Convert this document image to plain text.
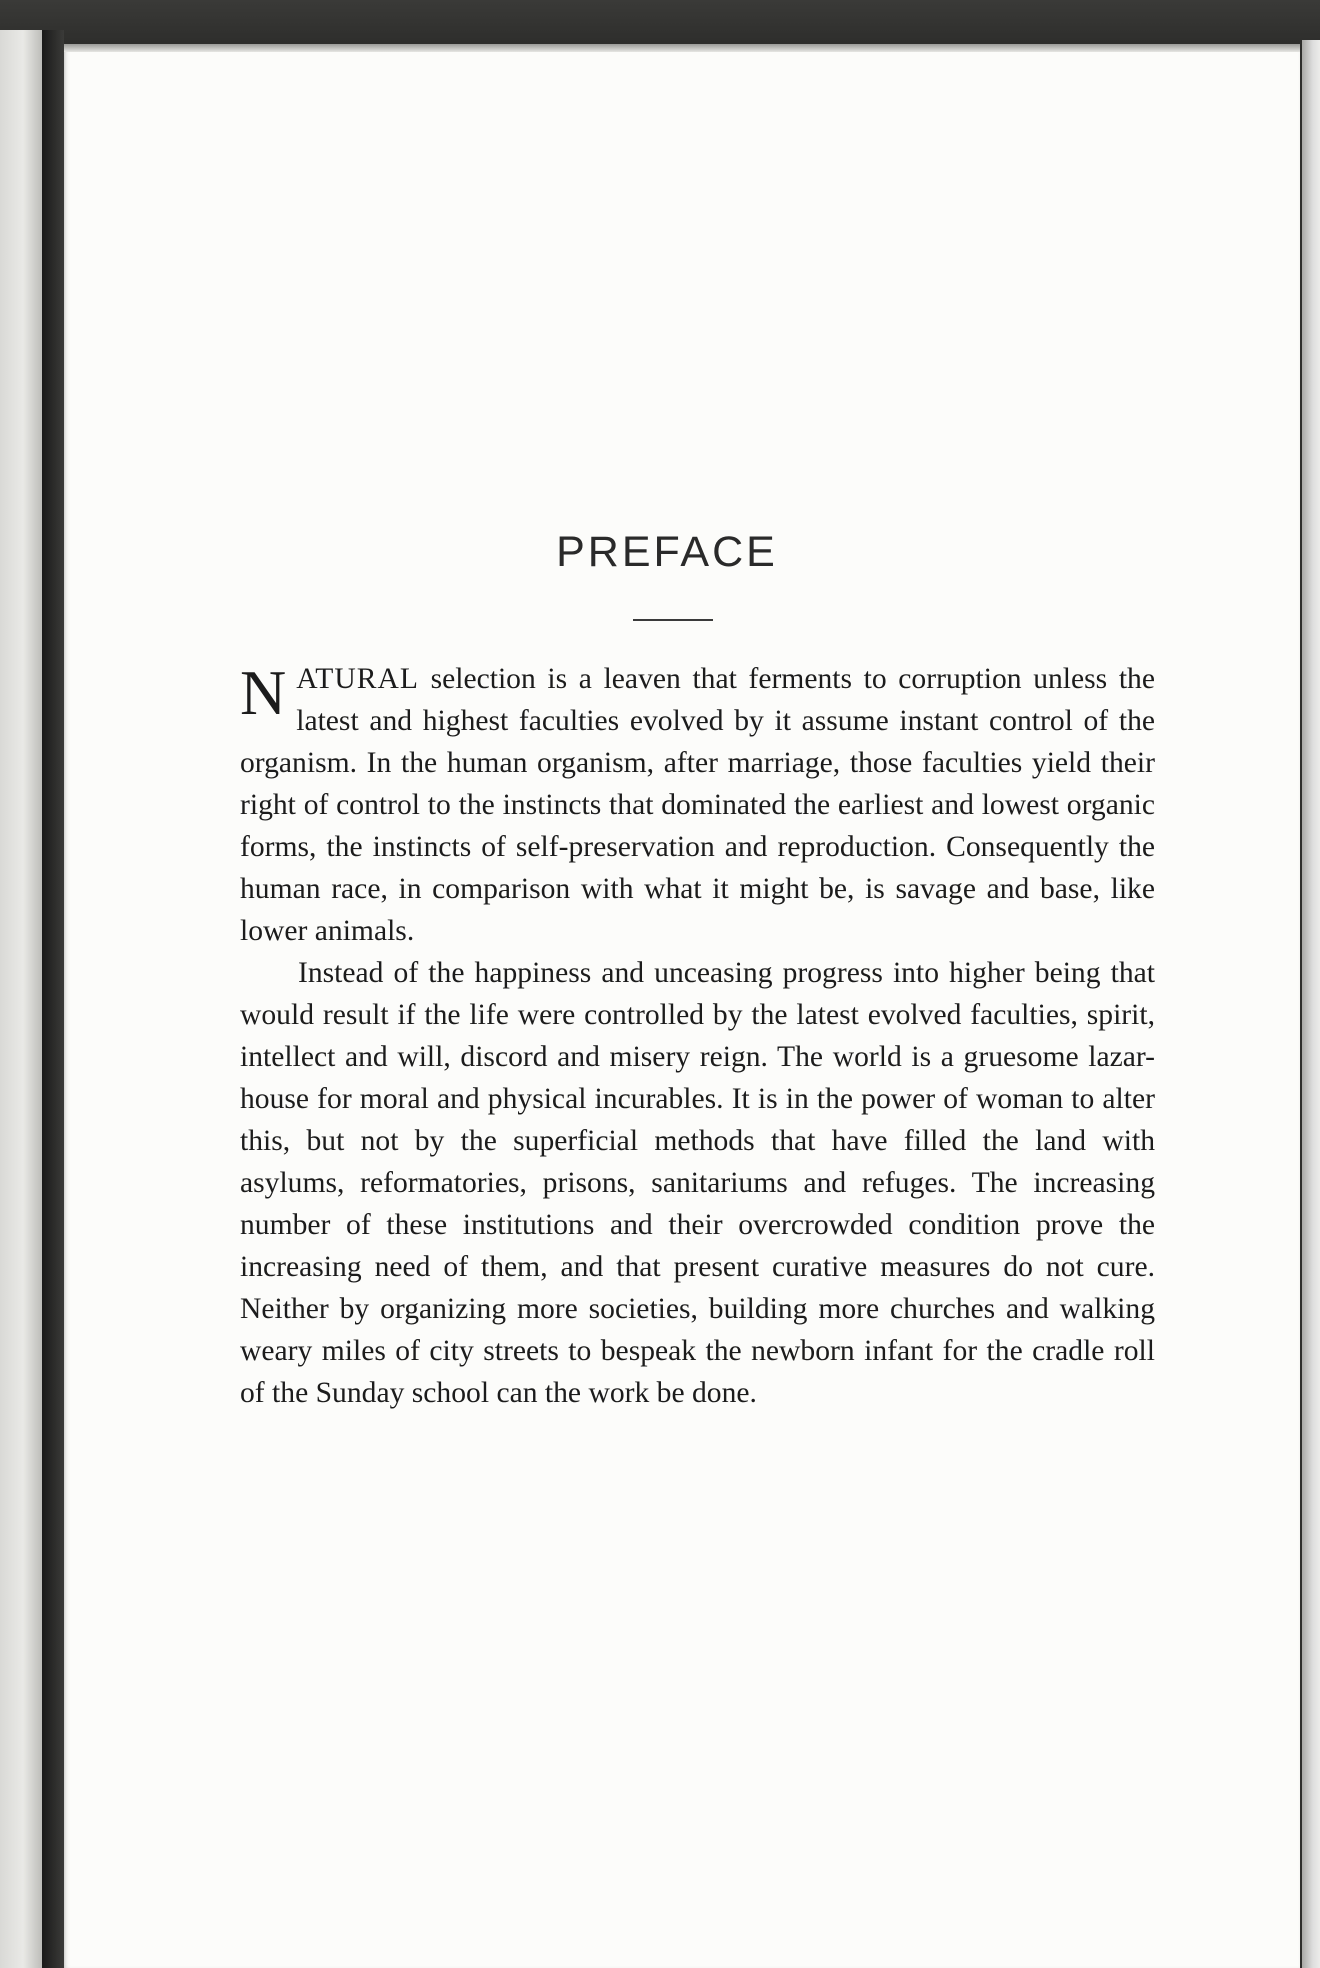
PREFACE

NATURAL selection is a leaven that ferments to corruption unless the latest and highest faculties evolved by it assume instant control of the organism. In the human organism, after marriage, those faculties yield their right of control to the instincts that dominated the earliest and lowest organic forms, the instincts of self-preservation and reproduction. Consequently the human race, in comparison with what it might be, is savage and base, like lower animals.

Instead of the happiness and unceasing progress into higher being that would result if the life were controlled by the latest evolved faculties, spirit, intellect and will, discord and misery reign. The world is a gruesome lazar-house for moral and physical incurables. It is in the power of woman to alter this, but not by the superficial methods that have filled the land with asylums, reformatories, prisons, sanitariums and refuges. The increasing number of these institutions and their overcrowded condition prove the increasing need of them, and that present curative measures do not cure. Neither by organizing more societies, building more churches and walking weary miles of city streets to bespeak the newborn infant for the cradle roll of the Sunday school can the work be done.
